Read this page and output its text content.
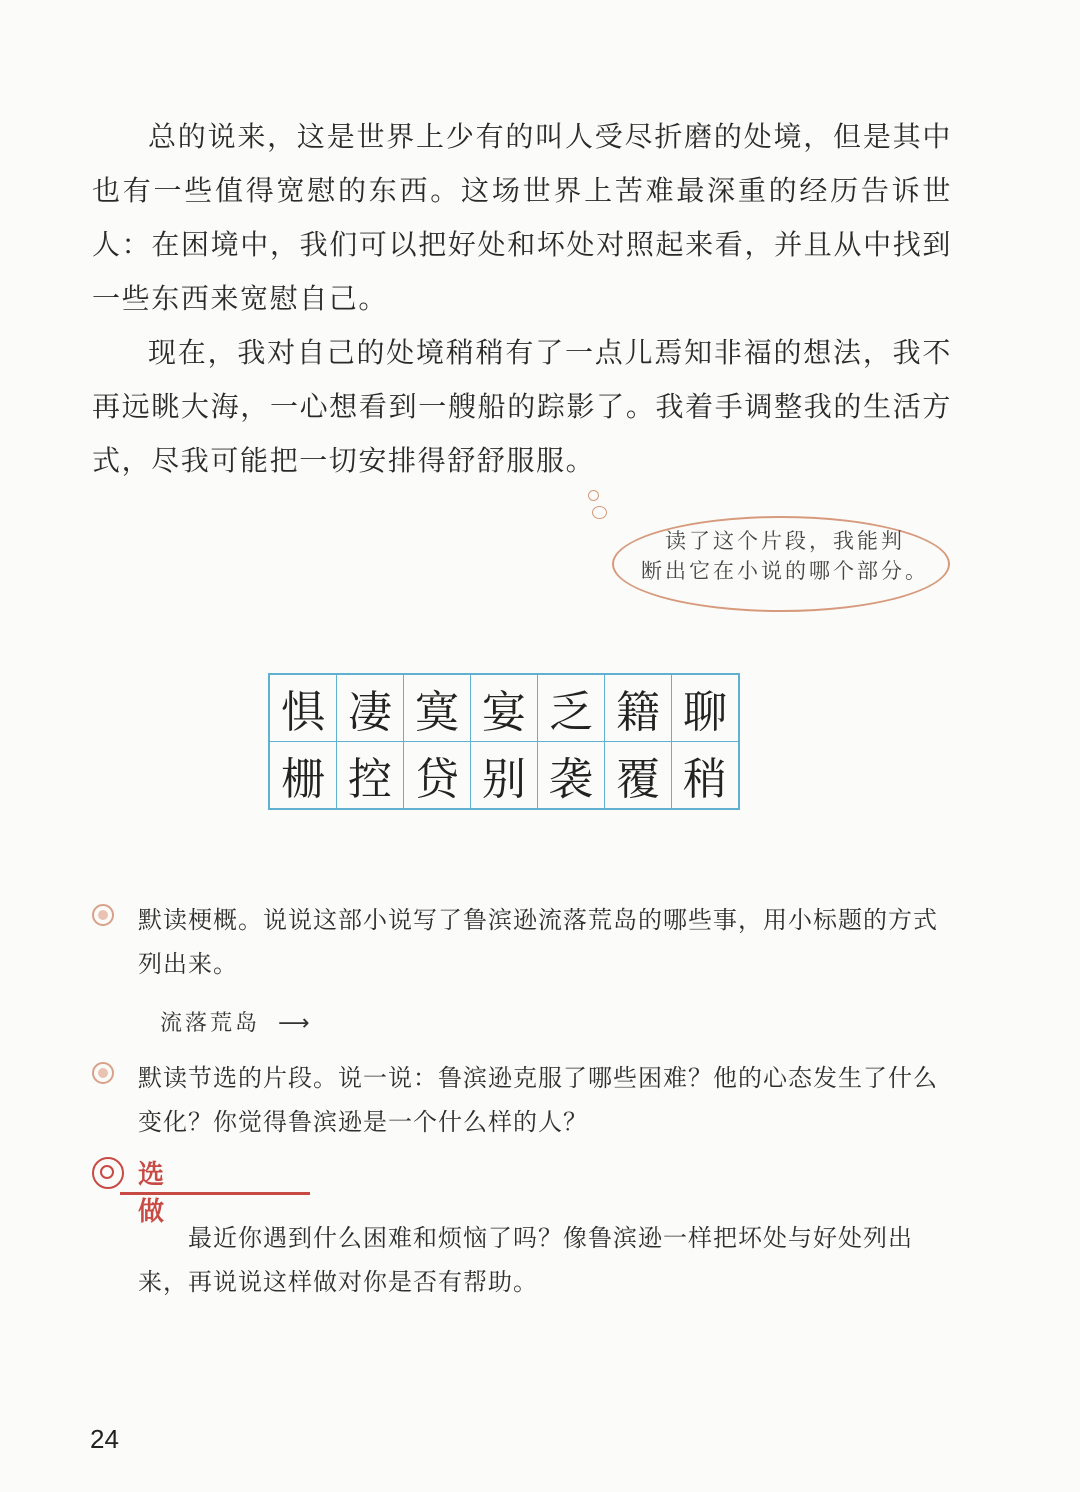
总的说来，这是世界上少有的叫人受尽折磨的处境，但是其中也有一些值得宽慰的东西。这场世界上苦难最深重的经历告诉世人：在困境中，我们可以把好处和坏处对照起来看，并且从中找到一些东西来宽慰自己。

现在，我对自己的处境稍稍有了一点儿焉知非福的想法，我不再远眺大海，一心想看到一艘船的踪影了。我着手调整我的生活方式，尽我可能把一切安排得舒舒服服。

读了这个片段，我能判
断出它在小说的哪个部分。
惧	凄	寞	宴	乏	籍	聊
栅	控	贷	别	袭	覆	稍

默读梗概。说说这部小说写了鲁滨逊流落荒岛的哪些事，用小标题的方式列出来。

流落荒岛 ⟶

默读节选的片段。说一说：鲁滨逊克服了哪些困难？他的心态发生了什么变化？你觉得鲁滨逊是一个什么样的人？

选 做

最近你遇到什么困难和烦恼了吗？像鲁滨逊一样把坏处与好处列出来，再说说这样做对你是否有帮助。

24
